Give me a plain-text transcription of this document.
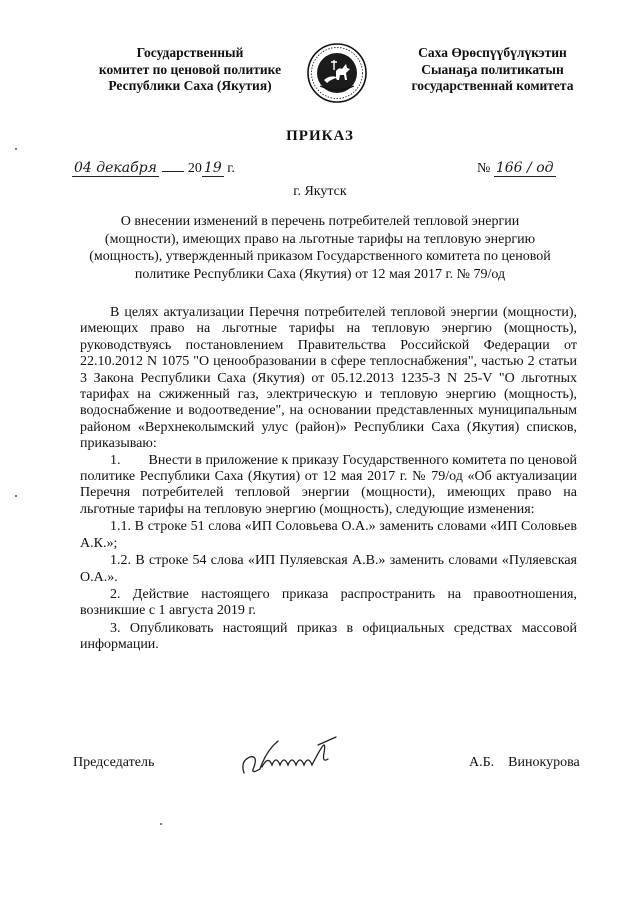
Государственный
комитет по ценовой политике
Республики Саха (Якутия)
Саха Өрөспүүбүлүкэтин
Сыанаҕа политикатын
государственнай комитета
ПРИКАЗ
04 декабря 20 19 г.	№ 166 / од
г. Якутск
О внесении изменений в перечень потребителей тепловой энергии
(мощности), имеющих право на льготные тарифы на тепловую энергию
(мощность), утвержденный приказом Государственного комитета по ценовой
политике Республики Саха (Якутия) от 12 мая 2017 г. № 79/од

В целях актуализации Перечня потребителей тепловой энергии (мощности), имеющих право на льготные тарифы на тепловую энергию (мощность), руководствуясь постановлением Правительства Российской Федерации от 22.10.2012 N 1075 "О ценообразовании в сфере теплоснабжения", частью 2 статьи 3 Закона Республики Саха (Якутия) от 05.12.2013 1235-З N 25-V "О льготных тарифах на сжиженный газ, электрическую и тепловую энергию (мощность), водоснабжение и водоотведение", на основании представленных муниципальным районом «Верхнеколымский улус (район)» Республики Саха (Якутия) списков, приказываю:

1.  Внести в приложение к приказу Государственного комитета по ценовой политике Республики Саха (Якутия) от 12 мая 2017 г. № 79/од «Об актуализации Перечня потребителей тепловой энергии (мощности), имеющих право на льготные тарифы на тепловую энергию (мощность), следующие изменения:

1.1. В строке 51 слова «ИП Соловьева О.А.» заменить словами «ИП Соловьев А.К.»;

1.2. В строке 54 слова «ИП Пуляевская А.В.» заменить словами «Пуляевская О.А.».

2. Действие настоящего приказа распространить на правоотношения, возникшие с 1 августа 2019 г.

3. Опубликовать настоящий приказ в официальных средствах массовой информации.

Председатель	А.Б. Винокурова
